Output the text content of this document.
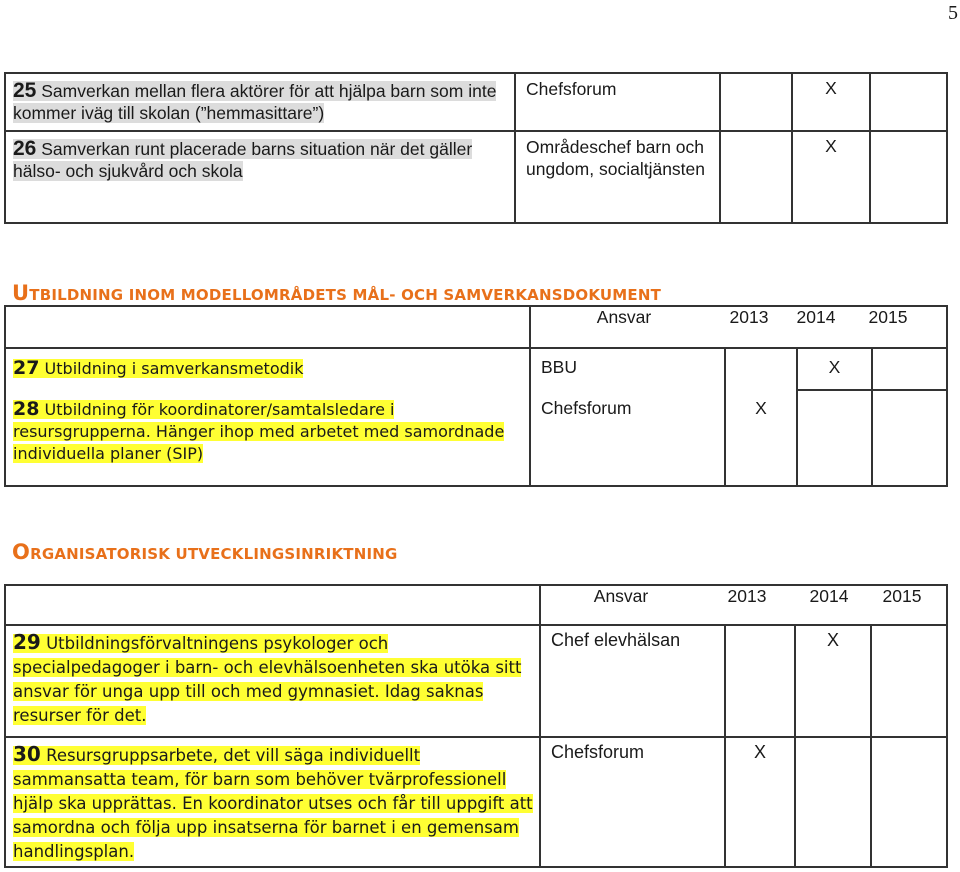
5
25 Samverkan mellan flera aktörer för att hjälpa barn som inte kommer iväg till skolan (”hemmasittare”)	Chefsforum		X	
26 Samverkan runt placerade barns situation när det gäller hälso- och sjukvård och skola	Områdeschef barn och ungdom, socialtjänsten		X	
UTBILDNING INOM MODELLOMRÅDETS MÅL- OCH SAMVERKANSDOKUMENT
	Ansvar 2013 2014 2015			
27 Utbildning i samverkansmetodik	BBU		X	
28 Utbildning för koordinatorer/samtalsledare i resursgrupperna. Hänger ihop med arbetet med samordnade individuella planer (SIP)	Chefsforum	X		
ORGANISATORISK UTVECKLINGSINRIKTNING
	Ansvar 2013 2014 2015			
29 Utbildningsförvaltningens psykologer och specialpedagoger i barn- och elevhälsoenheten ska utöka sitt ansvar för unga upp till och med gymnasiet. Idag saknas resurser för det.	Chef elevhälsan		X	
30 Resursgruppsarbete, det vill säga individuellt sammansatta team, för barn som behöver tvärprofessionell hjälp ska upprättas. En koordinator utses och får till uppgift att samordna och följa upp insatserna för barnet i en gemensam handlingsplan.	Chefsforum	X		
